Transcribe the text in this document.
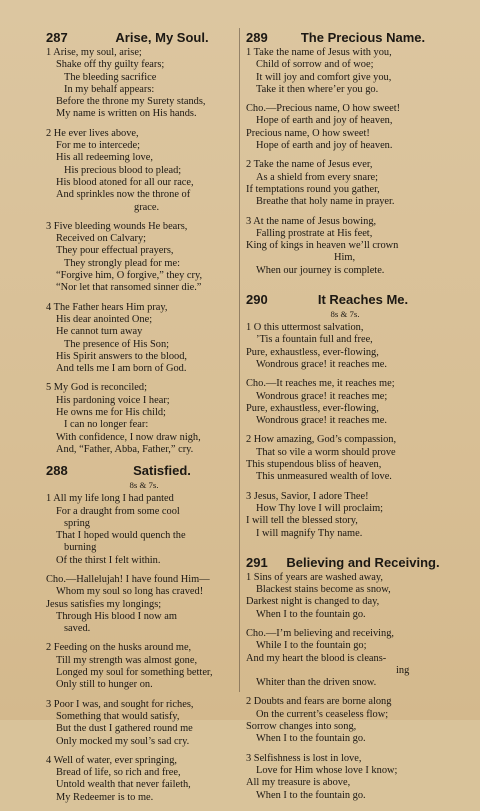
287	Arise, My Soul.
1 Arise, my soul, arise;
Shake off thy guilty fears;
The bleeding sacrifice
In my behalf appears:
Before the throne my Surety stands,
My name is written on His hands.
2 He ever lives above,
For me to intercede;
His all redeeming love,
His precious blood to plead;
His blood atoned for all our race,
And sprinkles now the throne of
grace.
3 Five bleeding wounds He bears,
Received on Calvary;
They pour effectual prayers,
They strongly plead for me:
“Forgive him, O forgive,” they cry,
“Nor let that ransomed sinner die.”
4 The Father hears Him pray,
His dear anointed One;
He cannot turn away
The presence of His Son;
His Spirit answers to the blood,
And tells me I am born of God.
5 My God is reconciled;
His pardoning voice I hear;
He owns me for His child;
I can no longer fear:
With confidence, I now draw nigh,
And, “Father, Abba, Father,” cry.
288	Satisfied.
8s & 7s.
1 All my life long I had panted
For a draught from some cool
spring
That I hoped would quench the
burning
Of the thirst I felt within.
Cho.—Hallelujah! I have found Him—
Whom my soul so long has craved!
Jesus satisfies my longings;
Through His blood I now am
saved.
2 Feeding on the husks around me,
Till my strength was almost gone,
Longed my soul for something better,
Only still to hunger on.
3 Poor I was, and sought for riches,
Something that would satisfy,
But the dust I gathered round me
Only mocked my soul’s sad cry.
4 Well of water, ever springing,
Bread of life, so rich and free,
Untold wealth that never faileth,
My Redeemer is to me.
289	The Precious Name.
1 Take the name of Jesus with you,
Child of sorrow and of woe;
It will joy and comfort give you,
Take it then where’er you go.
Cho.—Precious name, O how sweet!
Hope of earth and joy of heaven,
Precious name, O how sweet!
Hope of earth and joy of heaven.
2 Take the name of Jesus ever,
As a shield from every snare;
If temptations round you gather,
Breathe that holy name in prayer.
3 At the name of Jesus bowing,
Falling prostrate at His feet,
King of kings in heaven we’ll crown
Him,
When our journey is complete.
290	It Reaches Me.
8s & 7s.
1 O this uttermost salvation,
’Tis a fountain full and free,
Pure, exhaustless, ever-flowing,
Wondrous grace! it reaches me.
Cho.—It reaches me, it reaches me;
Wondrous grace! it reaches me;
Pure, exhaustless, ever-flowing,
Wondrous grace! it reaches me.
2 How amazing, God’s compassion,
That so vile a worm should prove
This stupendous bliss of heaven,
This unmeasured wealth of love.
3 Jesus, Savior, I adore Thee!
How Thy love I will proclaim;
I will tell the blessed story,
I will magnify Thy name.
291	Believing and Receiving.
1 Sins of years are washed away,
Blackest stains become as snow,
Darkest night is changed to day,
When I to the fountain go.
Cho.—I’m believing and receiving,
While I to the fountain go;
And my heart the blood is cleans-
ing
Whiter than the driven snow.
2 Doubts and fears are borne along
On the current’s ceaseless flow;
Sorrow changes into song,
When I to the fountain go.
3 Selfishness is lost in love,
Love for Him whose love I know;
All my treasure is above,
When I to the fountain go.
